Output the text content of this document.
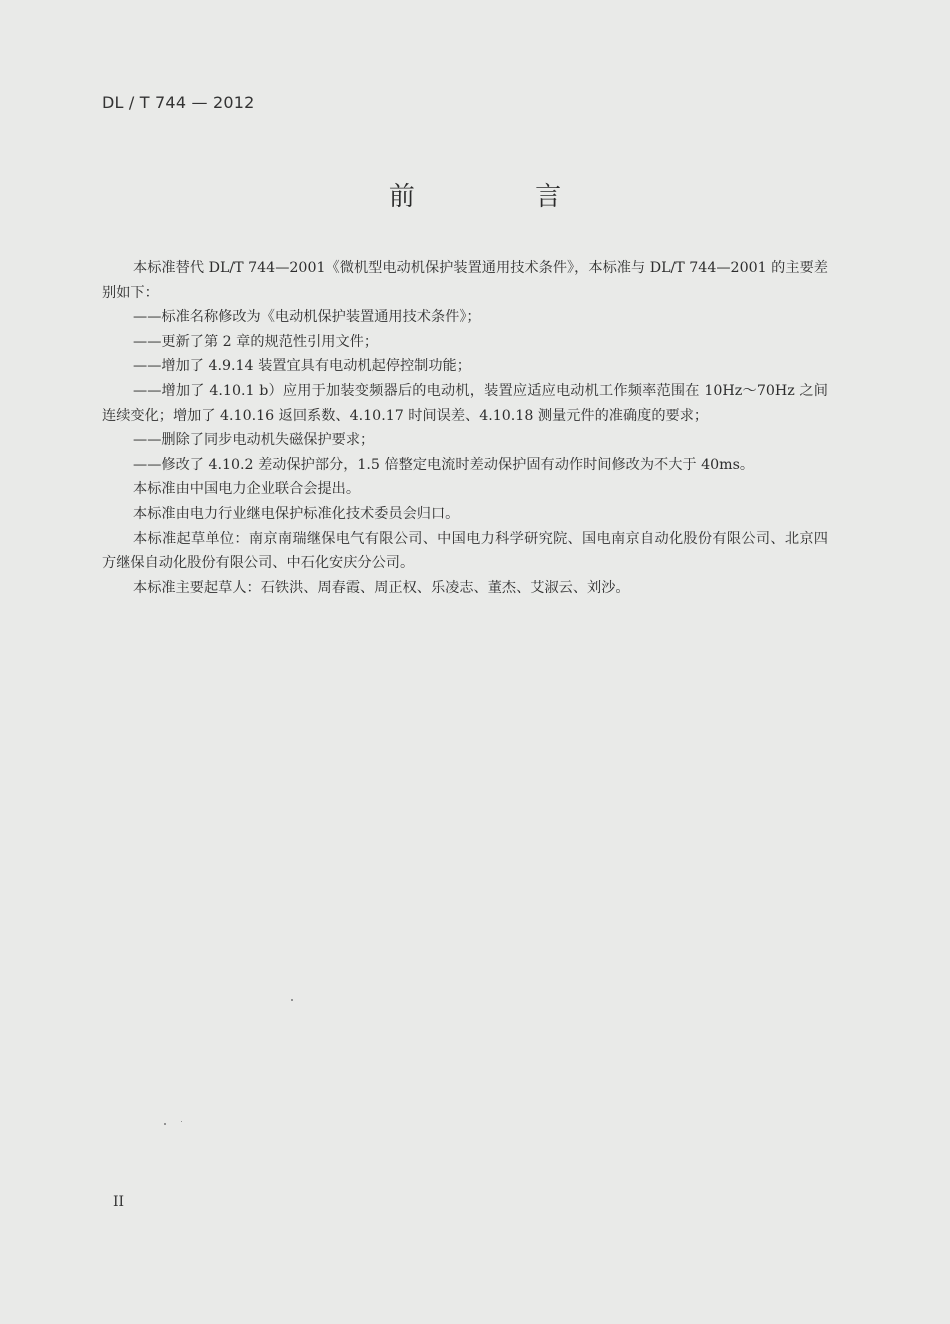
DL / T 744 — 2012
前 言

本标准替代 DL/T 744—2001《微机型电动机保护装置通用技术条件》，本标准与 DL/T 744—2001 的主要差别如下：

——标准名称修改为《电动机保护装置通用技术条件》；

——更新了第 2 章的规范性引用文件；

——增加了 4.9.14 装置宜具有电动机起停控制功能；

——增加了 4.10.1 b）应用于加装变频器后的电动机，装置应适应电动机工作频率范围在 10Hz～70Hz 之间连续变化；增加了 4.10.16 返回系数、4.10.17 时间误差、4.10.18 测量元件的准确度的要求；

——删除了同步电动机失磁保护要求；

——修改了 4.10.2 差动保护部分，1.5 倍整定电流时差动保护固有动作时间修改为不大于 40ms。

本标准由中国电力企业联合会提出。

本标准由电力行业继电保护标准化技术委员会归口。

本标准起草单位：南京南瑞继保电气有限公司、中国电力科学研究院、国电南京自动化股份有限公司、北京四方继保自动化股份有限公司、中石化安庆分公司。

本标准主要起草人：石铁洪、周春霞、周正权、乐凌志、董杰、艾淑云、刘沙。

II
